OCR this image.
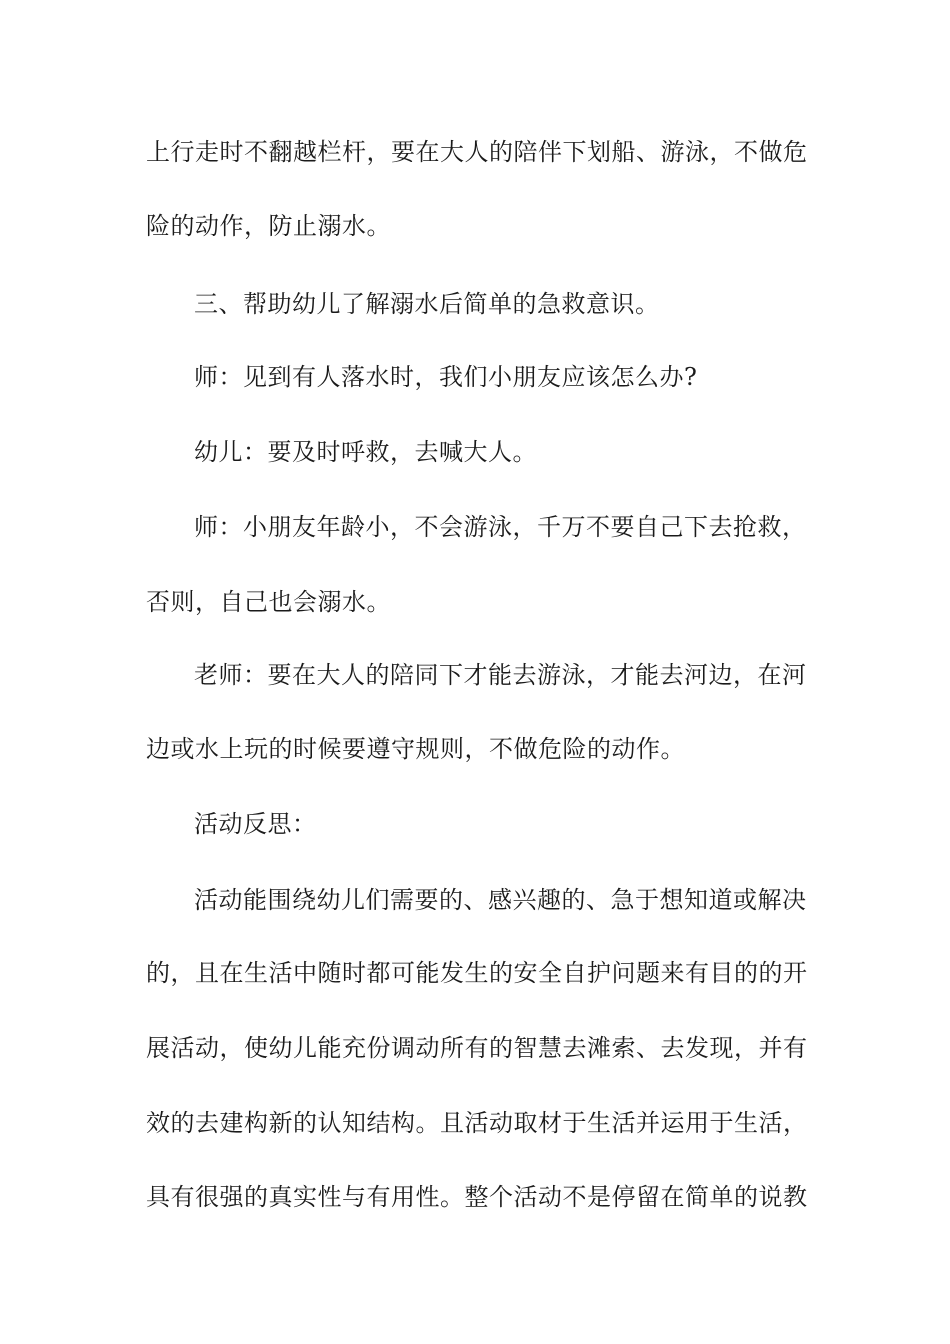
上行走时不翻越栏杆，要在大人的陪伴下划船、游泳，不做危
险的动作，防止溺水。
三、帮助幼儿了解溺水后简单的急救意识。
师：见到有人落水时，我们小朋友应该怎么办?
幼儿：要及时呼救，去喊大人。
师：小朋友年龄小，不会游泳，千万不要自己下去抢救，
否则，自己也会溺水。
老师：要在大人的陪同下才能去游泳，才能去河边，在河
边或水上玩的时候要遵守规则，不做危险的动作。
活动反思：
活动能围绕幼儿们需要的、感兴趣的、急于想知道或解决
的，且在生活中随时都可能发生的安全自护问题来有目的的开
展活动，使幼儿能充份调动所有的智慧去滩索、去发现，并有
效的去建构新的认知结构。且活动取材于生活并运用于生活，
具有很强的真实性与有用性。整个活动不是停留在简单的说教
